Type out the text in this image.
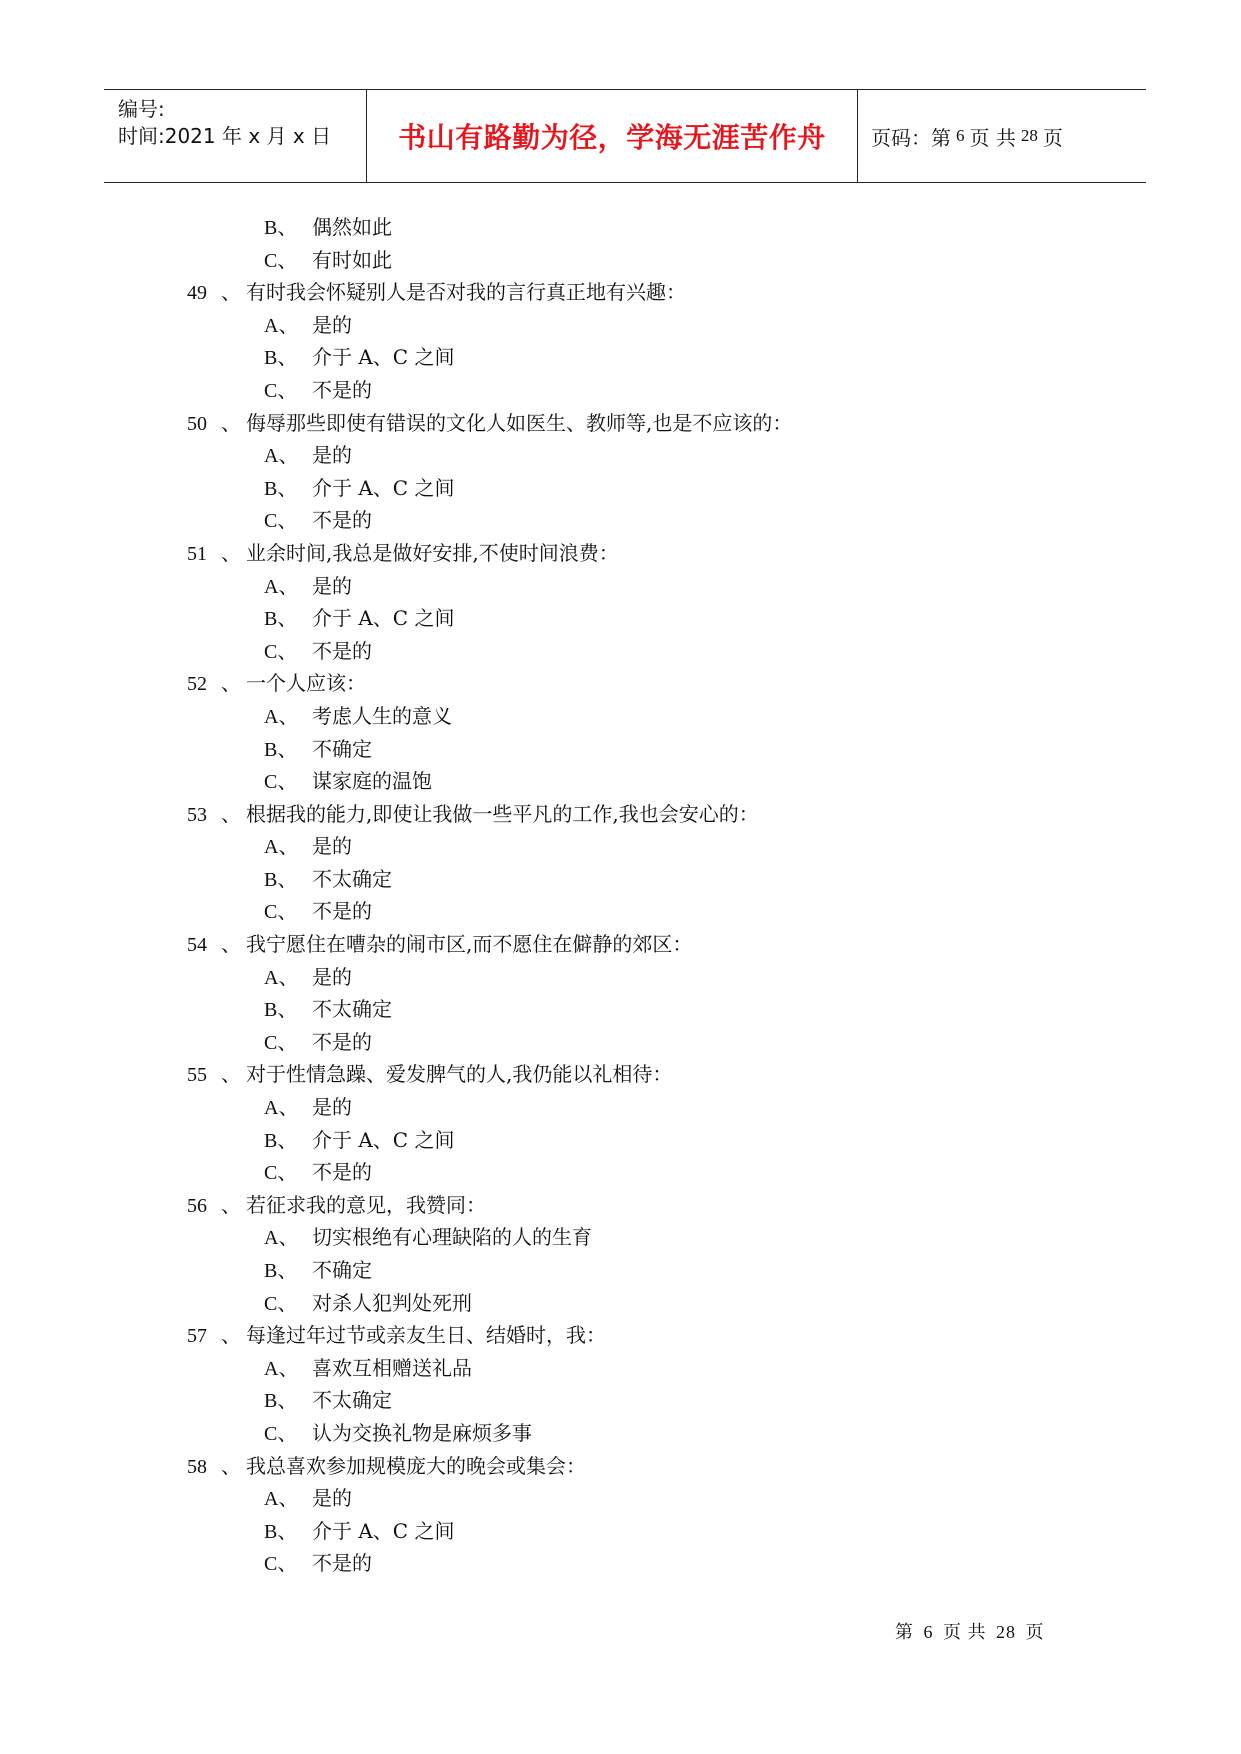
编号:
时间:2021 年 x 月 x 日 书山有路勤为径，学海无涯苦作舟 页码：第 6 页 共 28 页
B、 偶然如此
C、 有时如此
49 、 有时我会怀疑别人是否对我的言行真正地有兴趣：
A、 是的
B、 介于 A、C 之间
C、 不是的
50 、 侮辱那些即使有错误的文化人如医生、教师等,也是不应该的：
A、 是的
B、 介于 A、C 之间
C、 不是的
51 、 业余时间,我总是做好安排,不使时间浪费：
A、 是的
B、 介于 A、C 之间
C、 不是的
52 、 一个人应该：
A、 考虑人生的意义
B、 不确定
C、 谋家庭的温饱
53 、 根据我的能力,即使让我做一些平凡的工作,我也会安心的：
A、 是的
B、 不太确定
C、 不是的
54 、 我宁愿住在嘈杂的闹市区,而不愿住在僻静的郊区：
A、 是的
B、 不太确定
C、 不是的
55 、 对于性情急躁、爱发脾气的人,我仍能以礼相待：
A、 是的
B、 介于 A、C 之间
C、 不是的
56 、 若征求我的意见，我赞同：
A、 切实根绝有心理缺陷的人的生育
B、 不确定
C、 对杀人犯判处死刑
57 、 每逢过年过节或亲友生日、结婚时，我：
A、 喜欢互相赠送礼品
B、 不太确定
C、 认为交换礼物是麻烦多事
58 、 我总喜欢参加规模庞大的晚会或集会：
A、 是的
B、 介于 A、C 之间
C、 不是的
第 6 页 共 28 页
